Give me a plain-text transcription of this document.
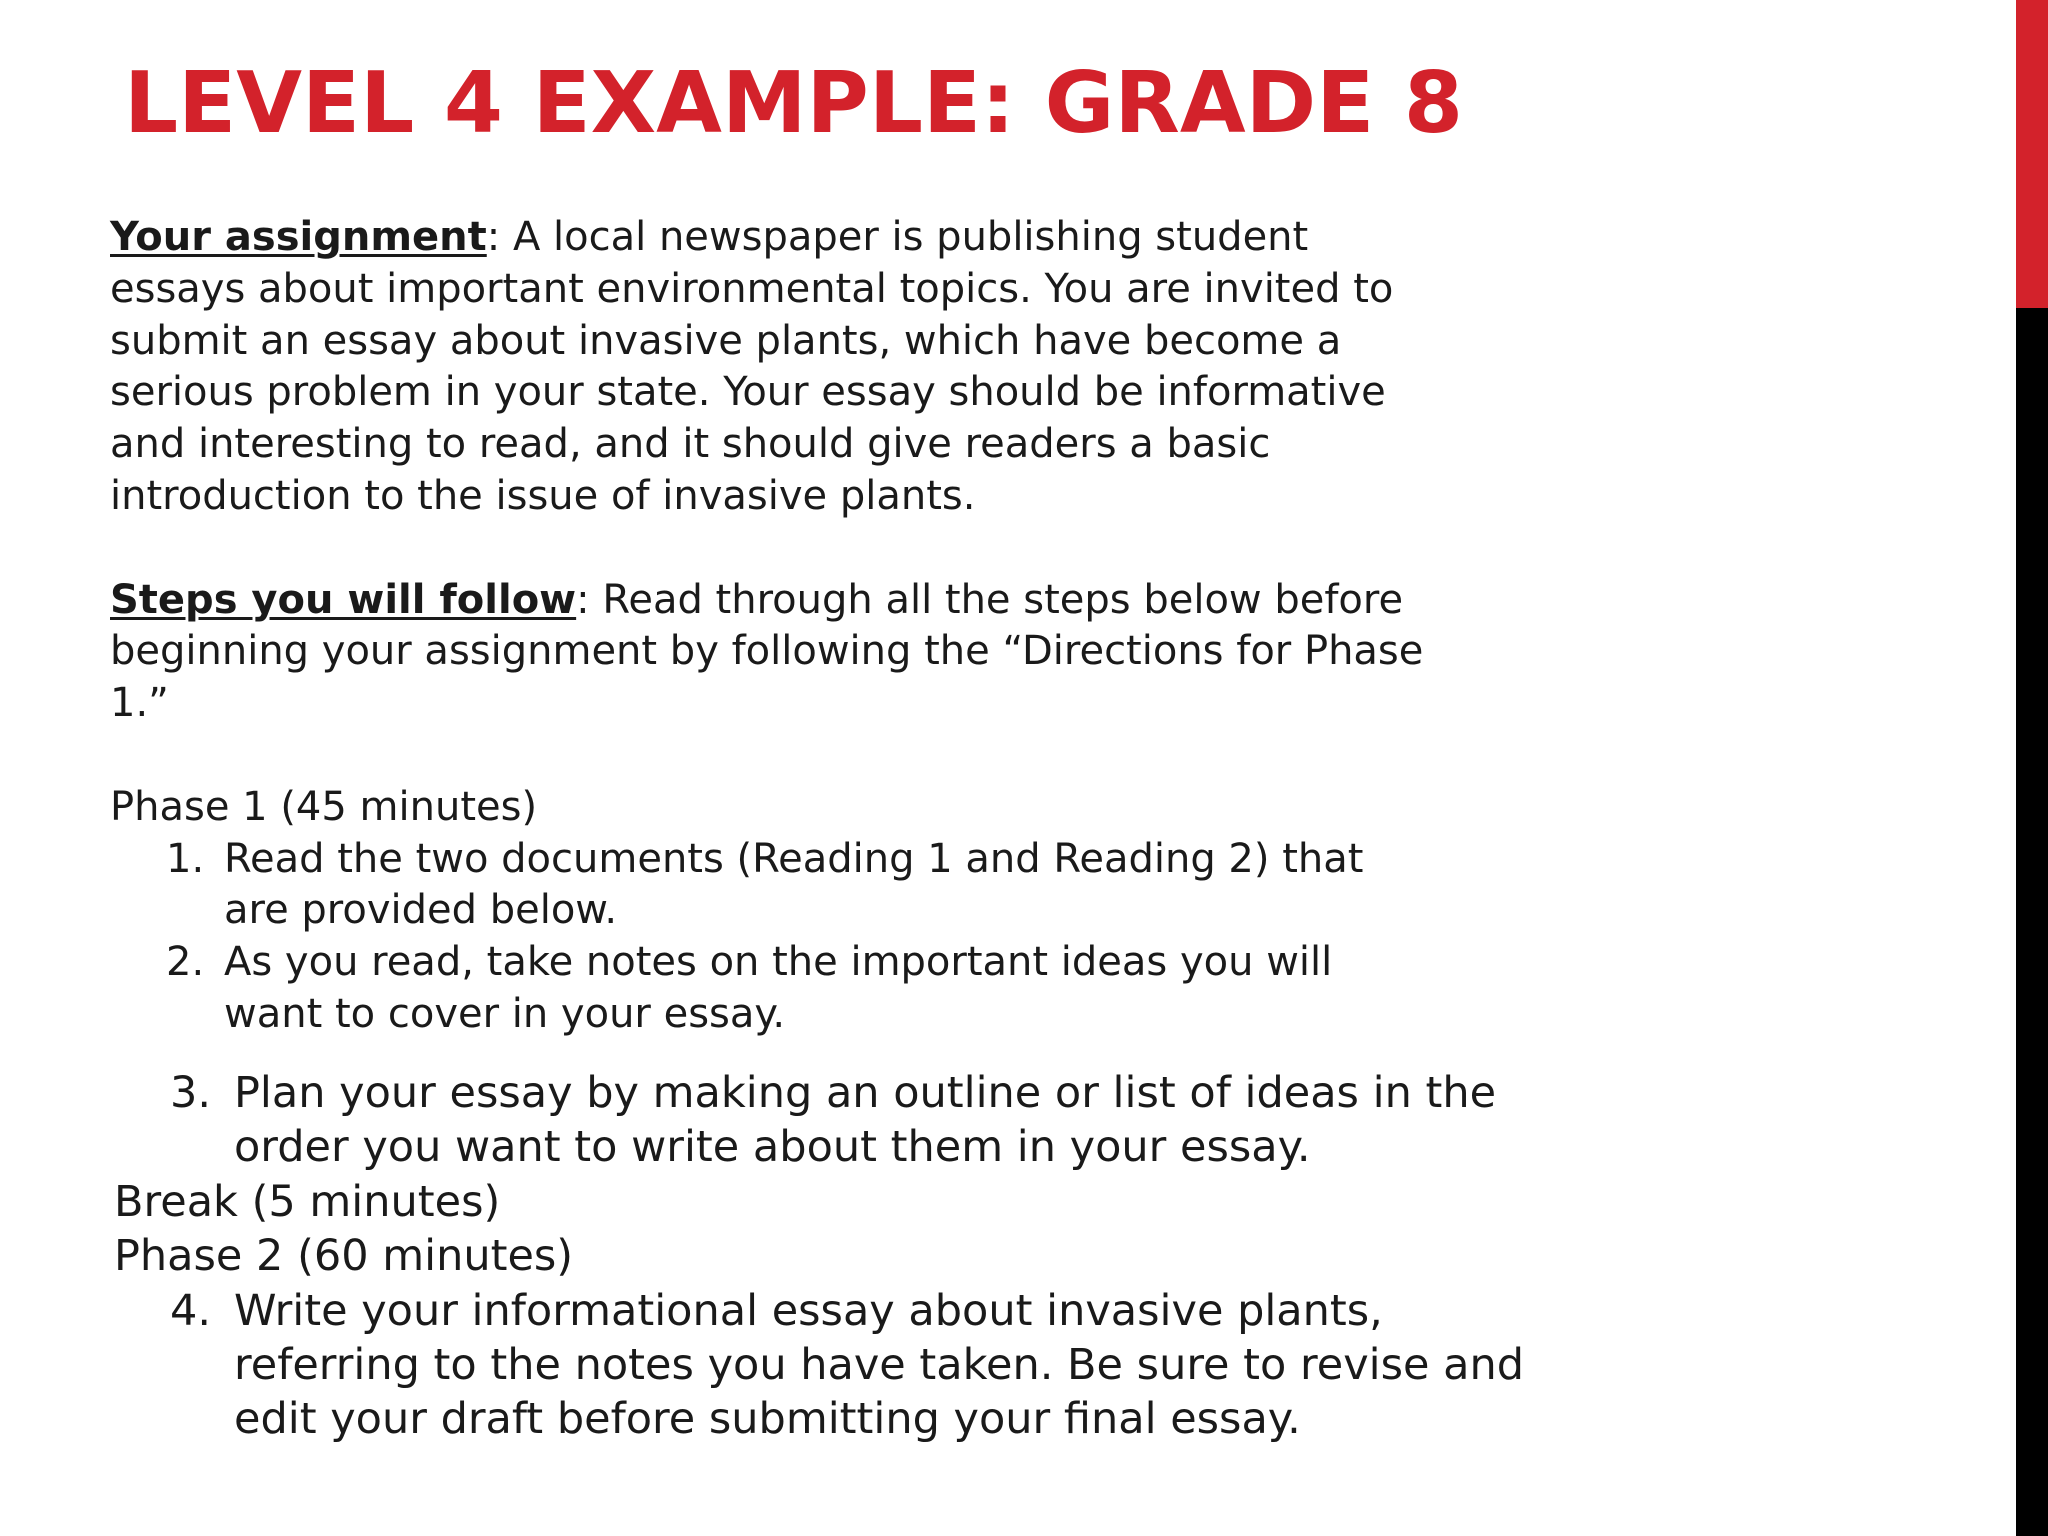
LEVEL 4 EXAMPLE: GRADE 8
Your assignment: A local newspaper is publishing student
essays about important environmental topics. You are invited to
submit an essay about invasive plants, which have become a
serious problem in your state. Your essay should be informative
and interesting to read, and it should give readers a basic
introduction to the issue of invasive plants.
Steps you will follow: Read through all the steps below before
beginning your assignment by following the “Directions for Phase
1.”
Phase 1 (45 minutes)
1. Read the two documents (Reading 1 and Reading 2) that
are provided below.
2. As you read, take notes on the important ideas you will
want to cover in your essay.
3. Plan your essay by making an outline or list of ideas in the
order you want to write about them in your essay.
Break (5 minutes)
Phase 2 (60 minutes)
4. Write your informational essay about invasive plants,
referring to the notes you have taken. Be sure to revise and
edit your draft before submitting your final essay.
